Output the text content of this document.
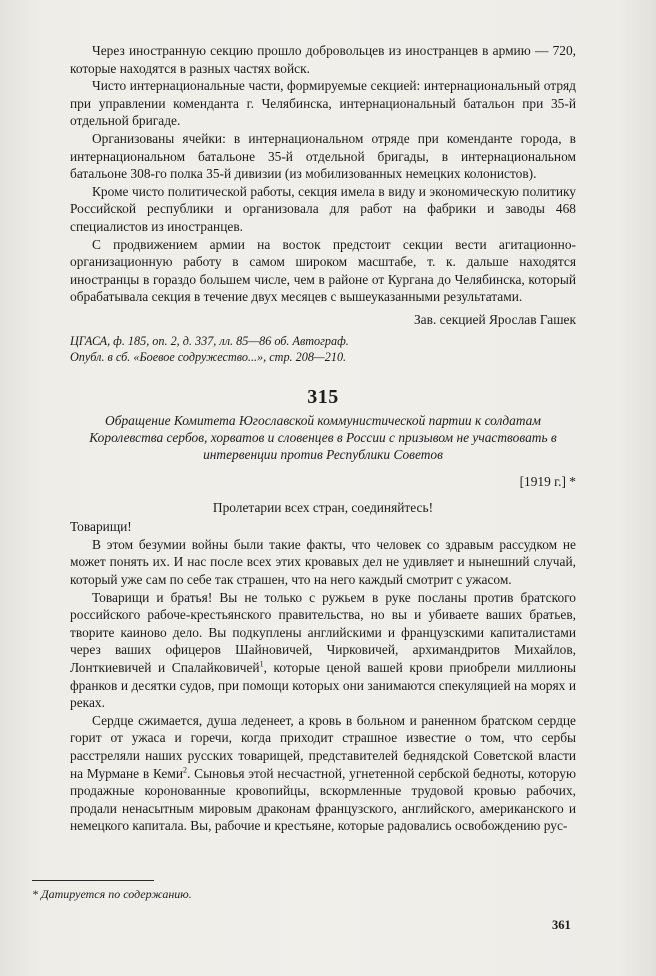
Через иностранную секцию прошло добровольцев из иностранцев в армию — 720, которые находятся в разных частях войск.

Чисто интернациональные части, формируемые секцией: интернациональный отряд при управлении коменданта г. Челябинска, интернациональный батальон при 35-й отдельной бригаде.

Организованы ячейки: в интернациональном отряде при коменданте города, в интернациональном батальоне 35-й отдельной бригады, в интернациональном батальоне 308-го полка 35-й дивизии (из мобилизованных немецких колонистов).

Кроме чисто политической работы, секция имела в виду и экономическую политику Российской республики и организовала для работ на фабрики и заводы 468 специалистов из иностранцев.

С продвижением армии на восток предстоит секции вести агитационно-организационную работу в самом широком масштабе, т. к. дальше находятся иностранцы в гораздо большем числе, чем в районе от Кургана до Челябинска, который обрабатывала секция в течение двух месяцев с вышеуказанными результатами.

Зав. секцией Ярослав Гашек

ЦГАСА, ф. 185, оп. 2, д. 337, лл. 85—86 об. Автограф.
Опубл. в сб. «Боевое содружество...», стр. 208—210.
315

Обращение Комитета Югославской коммунистической партии к солдатам Королевства сербов, хорватов и словенцев в России с призывом не участвовать в интервенции против Республики Советов

[1919 г.] *

Пролетарии всех стран, соединяйтесь!

Товарищи!

В этом безумии войны были такие факты, что человек со здравым рассудком не может понять их. И нас после всех этих кровавых дел не удивляет и нынешний случай, который уже сам по себе так страшен, что на него каждый смотрит с ужасом.

Товарищи и братья! Вы не только с ружьем в руке посланы против братского российского рабоче-крестьянского правительства, но вы и убиваете ваших братьев, творите каиново дело. Вы подкуплены английскими и французскими капиталистами через ваших офицеров Шайновичей, Чирковичей, архимандритов Михайлов, Лонткиевичей и Спалайковичей$^1$, которые ценой вашей крови приобрели миллионы франков и десятки судов, при помощи которых они занимаются спекуляцией на морях и реках.

Сердце сжимается, душа леденеет, а кровь в больном и раненном братском сердце горит от ужаса и горечи, когда приходит страшное известие о том, что сербы расстреляли наших русских товарищей, представителей беднядской Советской власти на Мурмане в Кеми$^2$. Сыновья этой несчастной, угнетенной сербской бедноты, которую продажные коронованные кровопийцы, вскормленные трудовой кровью рабочих, продали ненасытным мировым драконам французского, английского, американского и немецкого капитала. Вы, рабочие и крестьяне, которые радовались освобождению рус-

* Датируется по содержанию.
361
